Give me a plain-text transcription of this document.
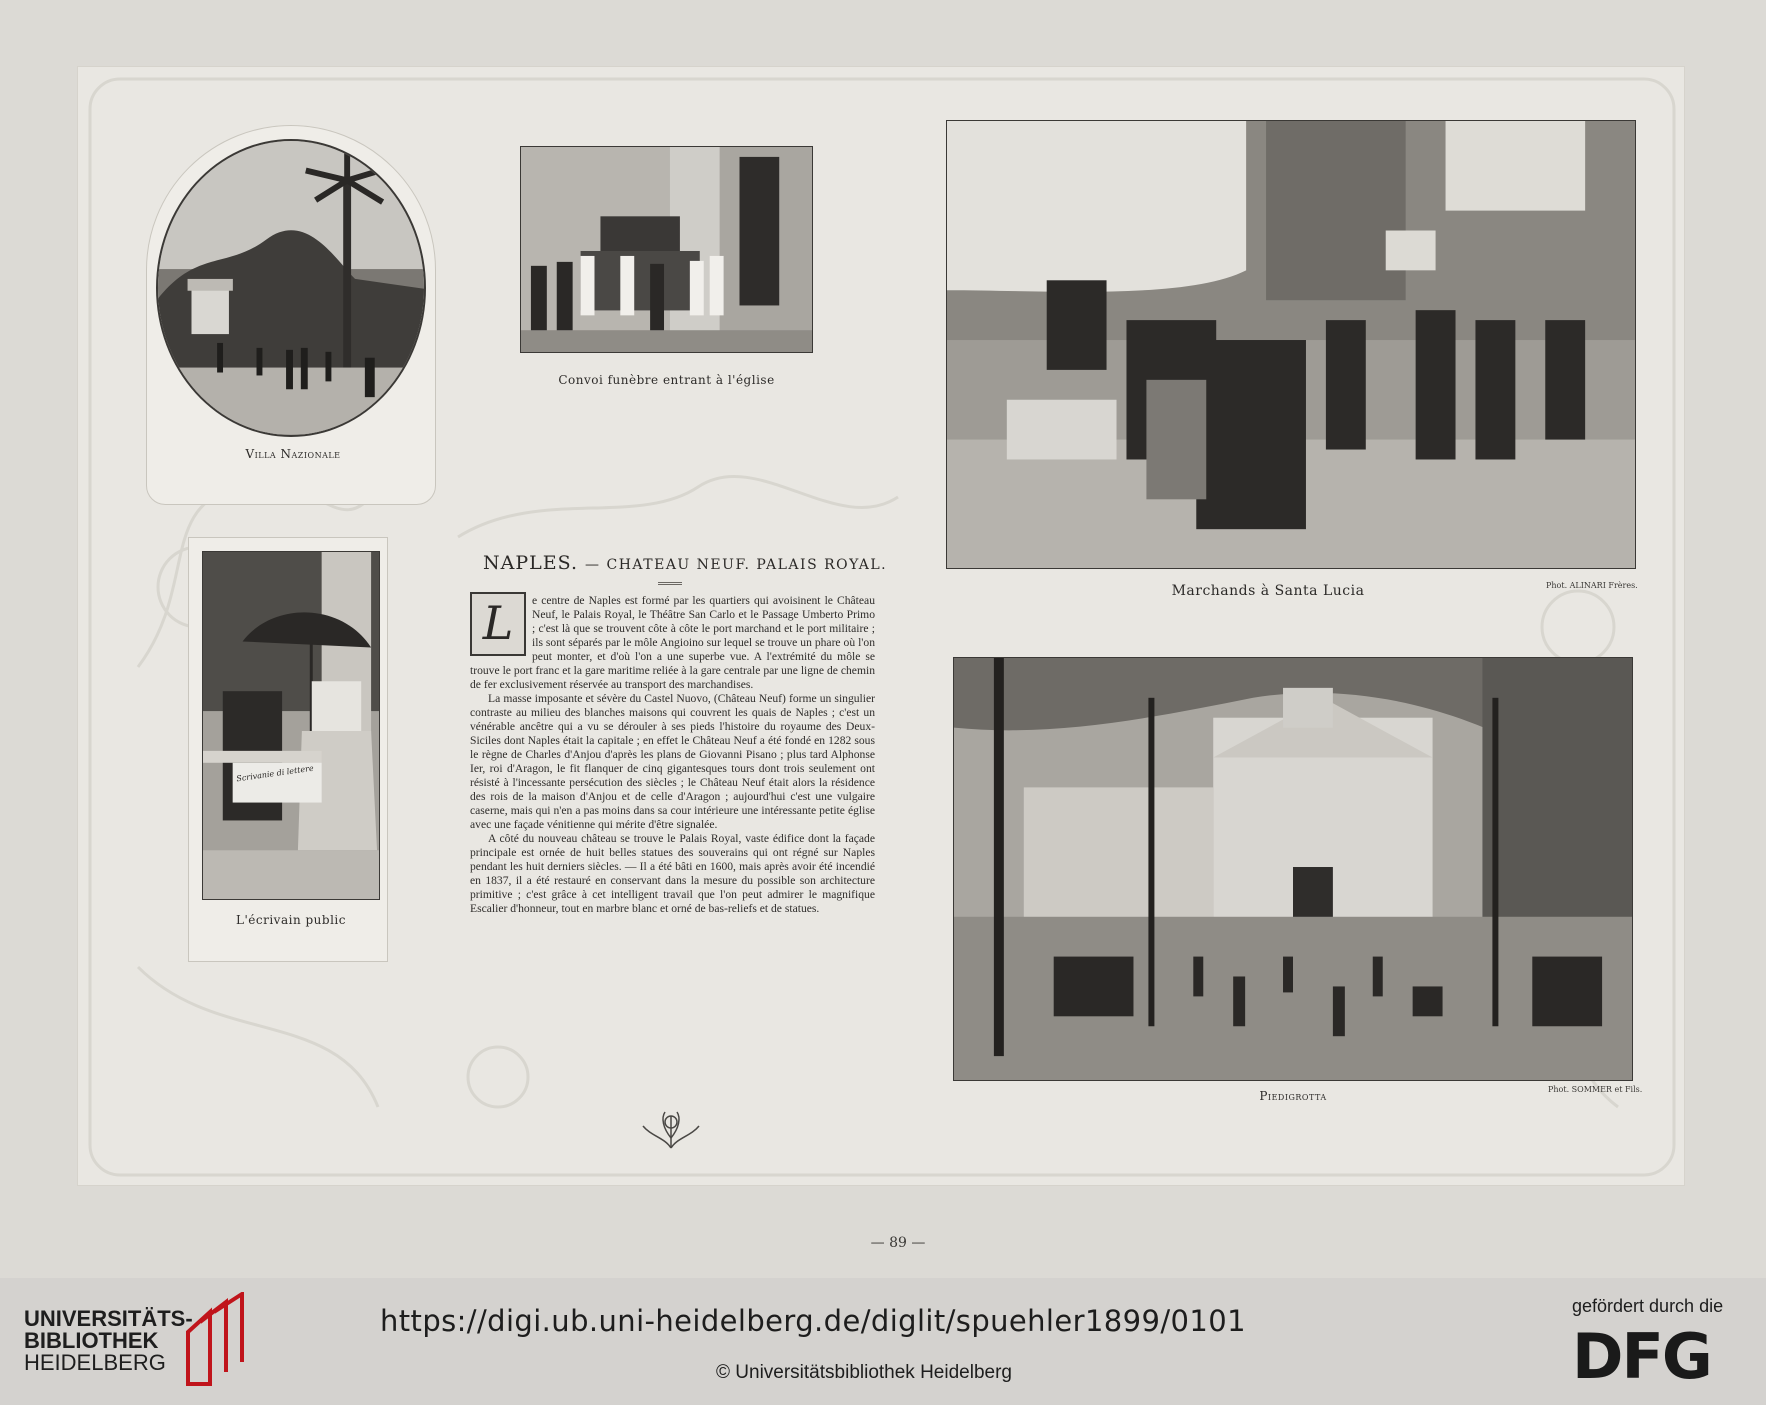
Villa Nazionale
Convoi funèbre entrant à l'église
Marchands à Santa Lucia	Phot. ALINARI Frères.
Scrivanie di lettere
L'écrivain public
Piedigrotta	Phot. SOMMER et Fils.
— 89 —
NAPLES. — CHATEAU NEUF. PALAIS ROYAL.

e centre de Naples est formé par les quartiers qui avoisinent le Château Neuf, le Palais Royal, le Théâtre San Carlo et le Passage Umberto Primo ; c'est là que se trouvent côte à côte le port marchand et le port militaire ; ils sont séparés par le môle Angioino sur lequel se trouve un phare où l'on peut monter, et d'où l'on a une superbe vue. A l'extrémité du môle se trouve le port franc et la gare maritime reliée à la gare centrale par une ligne de chemin de fer exclusivement réservée au transport des marchandises.

La masse imposante et sévère du Castel Nuovo, (Château Neuf) forme un singulier contraste au milieu des blanches maisons qui couvrent les quais de Naples ; c'est un vénérable ancêtre qui a vu se dérouler à ses pieds l'histoire du royaume des Deux-Siciles dont Naples était la capitale ; en effet le Château Neuf a été fondé en 1282 sous le règne de Charles d'Anjou d'après les plans de Giovanni Pisano ; plus tard Alphonse Ier, roi d'Aragon, le fit flanquer de cinq gigantesques tours dont trois seulement ont résisté à l'incessante persécution des siècles ; le Château Neuf était alors la résidence des rois de la maison d'Anjou et de celle d'Aragon ; aujourd'hui c'est une vulgaire caserne, mais qui n'en a pas moins dans sa cour intérieure une intéressante petite église avec une façade vénitienne qui mérite d'être signalée.

A côté du nouveau château se trouve le Palais Royal, vaste édifice dont la façade principale est ornée de huit belles statues des souverains qui ont régné sur Naples pendant les huit derniers siècles. — Il a été bâti en 1600, mais après avoir été incendié en 1837, il a été restauré en conservant dans la mesure du possible son architecture primitive ; c'est grâce à cet intelligent travail que l'on peut admirer le magnifique Escalier d'honneur, tout en marbre blanc et orné de bas-reliefs et de statues.

L
UNIVERSITÄTS-
BIBLIOTHEK
HEIDELBERG
https://digi.ub.uni-heidelberg.de/diglit/spuehler1899/0101
© Universitätsbibliothek Heidelberg
gefördert durch die
DFG
